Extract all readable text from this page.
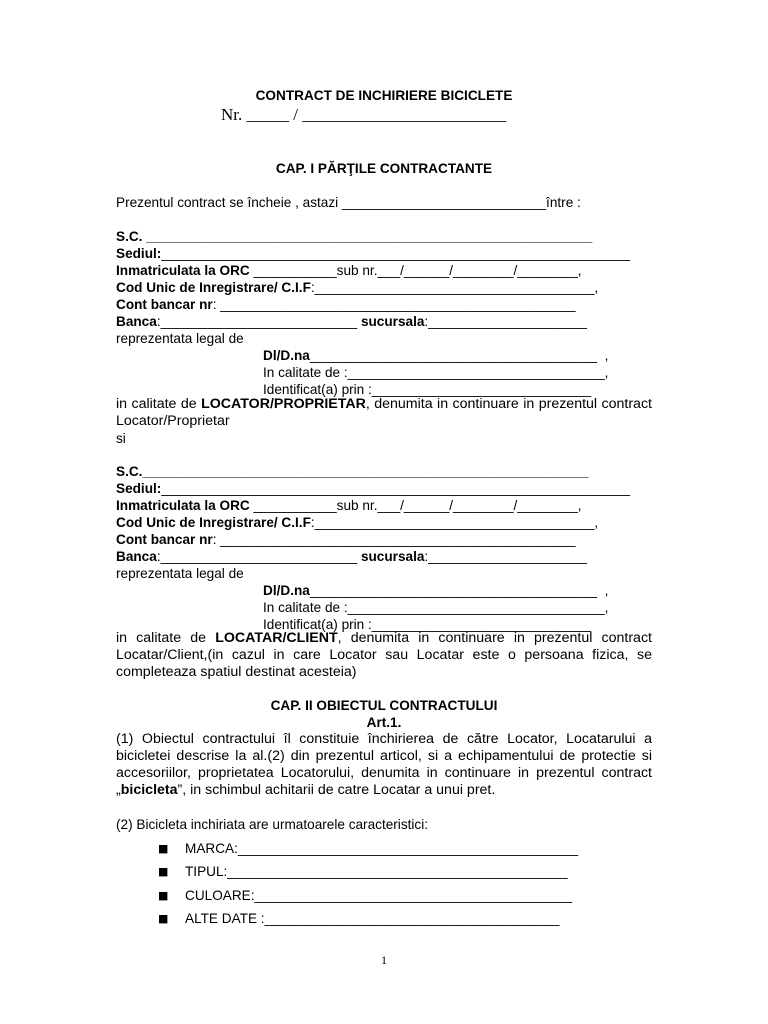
CONTRACT DE INCHIRIERE BICICLETE
Nr. _____ / ________________________
CAP. I PĂRŢILE CONTRACTANTE
Prezentul contract se încheie , astazi ___________________________între :
S.C. ___________________________________________________________
Sediul:______________________________________________________________
Inmatriculata la ORC ___________sub nr.___/______/________/________,
Cod Unic de Inregistrare/ C.I.F:_____________________________________,
Cont bancar nr: _______________________________________________
Banca:__________________________ sucursala:_____________________
reprezentata legal de
Dl/D.na______________________________________  ,
In calitate de :__________________________________,
Identificat(a) prin :_____________________________
in calitate de LOCATOR/PROPRIETAR, denumita in continuare in prezentul contract Locator/Proprietar
si
S.C.___________________________________________________________
Sediul:______________________________________________________________
Inmatriculata la ORC ___________sub nr.___/______/________/________,
Cod Unic de Inregistrare/ C.I.F:_____________________________________,
Cont bancar nr: _______________________________________________
Banca:__________________________ sucursala:_____________________
reprezentata legal de
Dl/D.na______________________________________  ,
In calitate de :__________________________________,
Identificat(a) prin :_____________________________
in calitate de LOCATAR/CLIENT, denumita in continuare in prezentul contract Locatar/Client,(in cazul in care Locator sau Locatar este o persoana fizica, se completeaza spatiul destinat acesteia)
CAP. II OBIECTUL CONTRACTULUI
Art.1.
(1) Obiectul contractului îl constituie închirierea de către Locator, Locatarului a bicicletei descrise la al.(2) din prezentul articol, si a echipamentului de protectie si accesoriilor, proprietatea Locatorului, denumita in continuare in prezentul contract „bicicleta”, in schimbul achitarii de catre Locatar a unui pret.
(2) Bicicleta inchiriata are urmatoarele caracteristici:
■ MARCA:_____________________________________________
■ TIPUL:_____________________________________________
■ CULOARE:__________________________________________
■ ALTE DATE :_______________________________________
1
